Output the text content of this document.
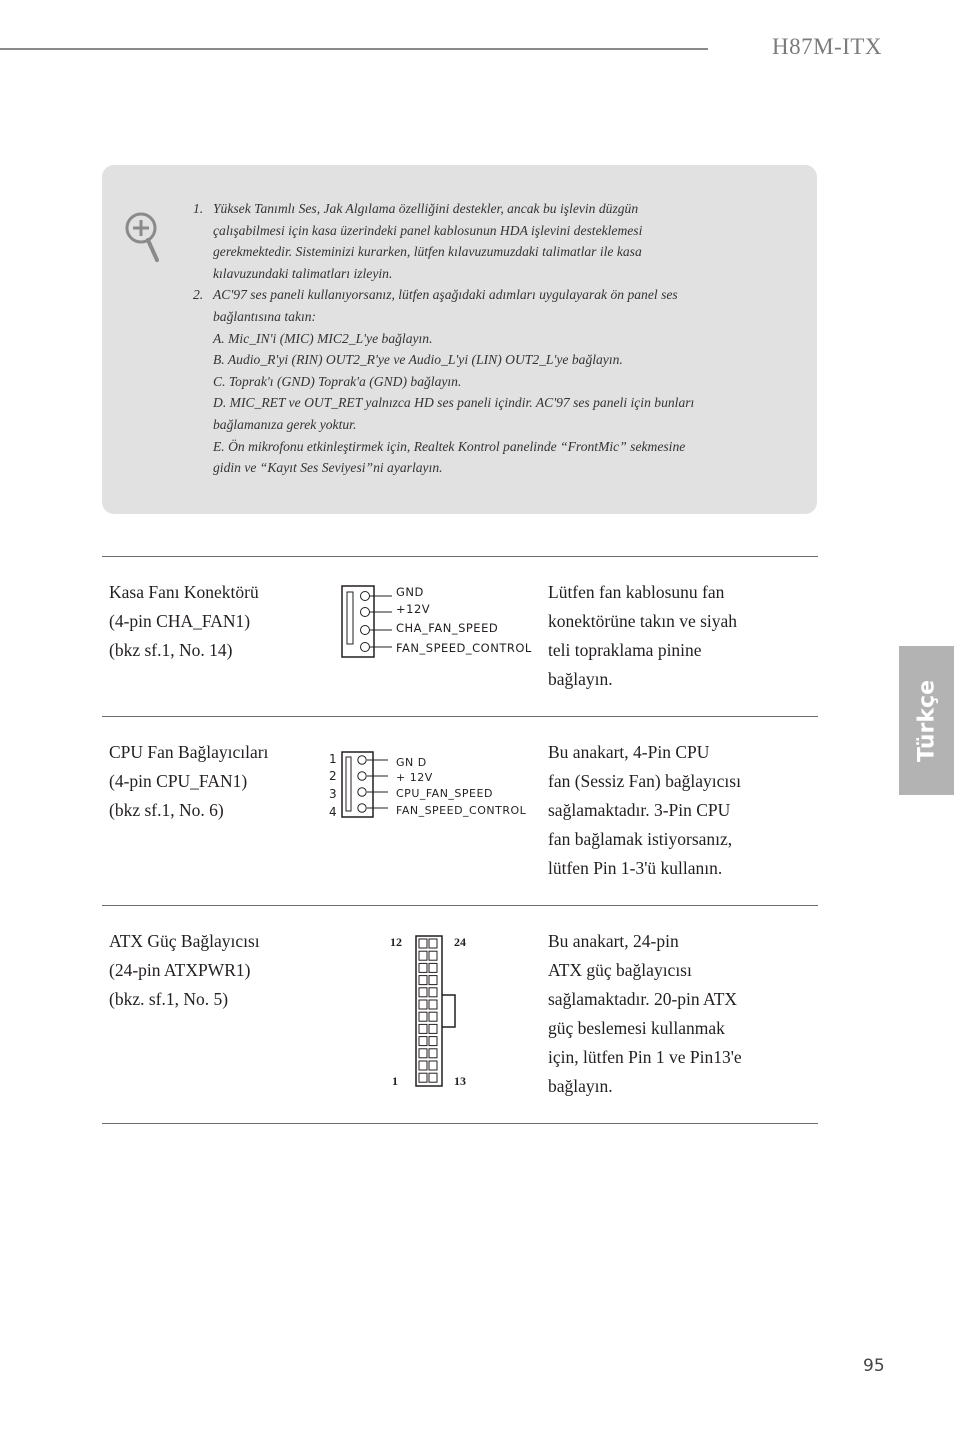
H87M-ITX
1. Yüksek Tanımlı Ses, Jak Algılama özelliğini destekler, ancak bu işlevin düzgün
çalışabilmesi için kasa üzerindeki panel kablosunun HDA işlevini desteklemesi
gerekmektedir. Sisteminizi kurarken, lütfen kılavuzumuzdaki talimatlar ile kasa
kılavuzundaki talimatları izleyin.
2. AC'97 ses paneli kullanıyorsanız, lütfen aşağıdaki adımları uygulayarak ön panel ses
bağlantısına takın:
A. Mic_IN'i (MIC) MIC2_L'ye bağlayın.
B. Audio_R'yi (RIN) OUT2_R'ye ve Audio_L'yi (LIN) OUT2_L'ye bağlayın.
C. Toprak'ı (GND) Toprak'a (GND) bağlayın.
D. MIC_RET ve OUT_RET yalnızca HD ses paneli içindir. AC'97 ses paneli için bunları
bağlamanıza gerek yoktur.
E. Ön mikrofonu etkinleştirmek için, Realtek Kontrol panelinde “FrontMic” sekmesine
gidin ve “Kayıt Ses Seviyesi”ni ayarlayın.
Kasa Fanı Konektörü
(4-pin CHA_FAN1)
(bkz sf.1, No. 14)
GND
+12V
CHA_FAN_SPEED
FAN_SPEED_CONTROL
Lütfen fan kablosunu fan
konektörüne takın ve siyah
teli topraklama pinine
bağlayın.
CPU Fan Bağlayıcıları
(4-pin CPU_FAN1)
(bkz sf.1, No. 6)
1
2
3
4
GN D
+ 12V
CPU_FAN_SPEED
FAN_SPEED_CONTROL
Bu anakart, 4-Pin CPU
fan (Sessiz Fan) bağlayıcısı
sağlamaktadır. 3-Pin CPU
fan bağlamak istiyorsanız,
lütfen Pin 1-3'ü kullanın.
ATX Güç Bağlayıcısı
(24-pin ATXPWR1)
(bkz. sf.1, No. 5)
12	24
1	13
Bu anakart, 24-pin
ATX güç bağlayıcısı
sağlamaktadır. 20-pin ATX
güç beslemesi kullanmak
için, lütfen Pin 1 ve Pin13'e
bağlayın.
Türkçe
95
